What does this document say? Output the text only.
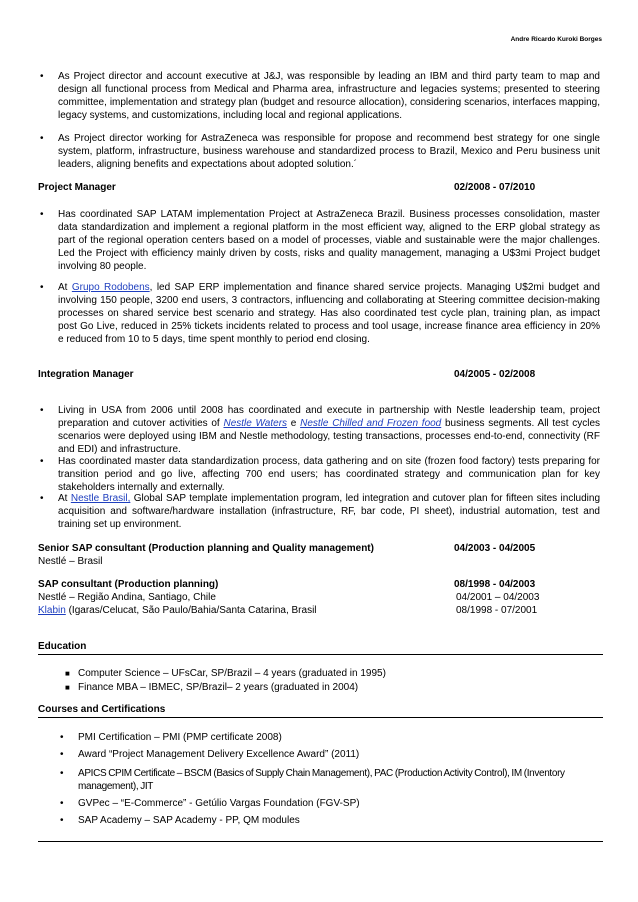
Andre Ricardo Kuroki Borges
• As Project director and account executive at J&J, was responsible by leading an IBM and third party team to map and design all functional process from Medical and Pharma area, infrastructure and legacies systems; presented to steering committee, implementation and strategy plan (budget and resource allocation), considering scenarios, interfaces mapping, legacy systems, and customizations, including local and regional applications.
• As Project director working for AstraZeneca was responsible for propose and recommend best strategy for one single system, platform, infrastructure, business warehouse and standardized process to Brazil, Mexico and Peru business unit leaders, aligning benefits and expectations about adopted solution.´
Project Manager	02/2008 - 07/2010
• Has coordinated SAP LATAM implementation Project at AstraZeneca Brazil. Business processes consolidation, master data standardization and implement a regional platform in the most efficient way, aligned to the ERP global strategy as part of the regional operation centers based on a model of processes, viable and sustainable were the major challenges. Led the Project with efficiency mainly driven by costs, risks and quality management, managing a U$3mi Project budget involving 80 people.
• At Grupo Rodobens, led SAP ERP implementation and finance shared service projects. Managing U$2mi budget and involving 150 people, 3200 end users, 3 contractors, influencing and collaborating at Steering committee decision-making processes on shared service best scenario and strategy. Has also coordinated test cycle plan, training plan, as impact post Go Live, reduced in 25% tickets incidents related to process and tool usage, increase finance area efficiency in 20% e reduced from 10 to 5 days, time spent monthly to period end closing.
Integration Manager	04/2005 - 02/2008
• Living in USA from 2006 until 2008 has coordinated and execute in partnership with Nestle leadership team, project preparation and cutover activities of Nestle Waters e Nestle Chilled and Frozen food business segments. All test cycles scenarios were deployed using IBM and Nestle methodology, testing transactions, processes end-to-end, connectivity (RF and EDI) and infrastructure.
• Has coordinated master data standardization process, data gathering and on site (frozen food factory) tests preparing for transition period and go live, affecting 700 end users; has coordinated strategy and communication plan for key stakeholders internally and externally.
• At Nestle Brasil, Global SAP template implementation program, led integration and cutover plan for fifteen sites including acquisition and software/hardware installation (infrastructure, RF, bar code, PI sheet), industrial automation, test and training set up environment.
Senior SAP consultant (Production planning and Quality management)	04/2003 - 04/2005
Nestlé – Brasil
SAP consultant (Production planning)	08/1998 - 04/2003
Nestlé – Região Andina, Santiago, Chile	04/2001 – 04/2003
Klabin (Igaras/Celucat, São Paulo/Bahia/Santa Catarina, Brasil	08/1998 - 07/2001
Education
■ Computer Science – UFsCar, SP/Brazil – 4 years (graduated in 1995)
■ Finance MBA – IBMEC, SP/Brazil– 2 years (graduated in 2004)
Courses and Certifications
• PMI Certification – PMI (PMP certificate 2008)
• Award “Project Management Delivery Excellence Award” (2011)
• APICS CPIM Certificate – BSCM (Basics of Supply Chain Management), PAC (Production Activity Control), IM (Inventory management), JIT
• GVPec – “E-Commerce” - Getúlio Vargas Foundation (FGV-SP)
• SAP Academy – SAP Academy - PP, QM modules
